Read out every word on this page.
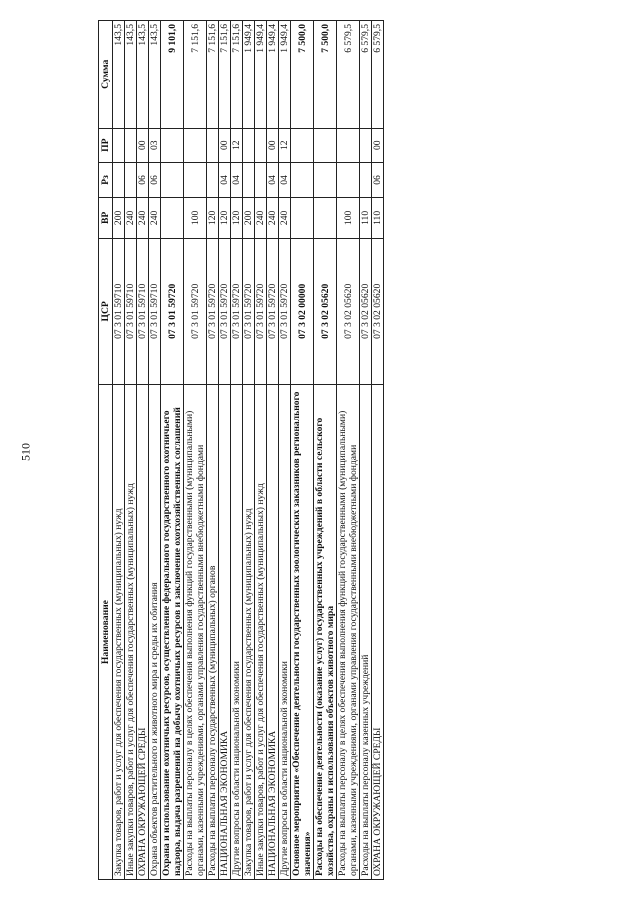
510
Наименование	ЦСР	ВР	Рз	ПР	Сумма
Закупка товаров, работ и услуг для обеспечения государственных (муниципальных) нужд	07 3 01 59710	200			143,5
Иные закупки товаров, работ и услуг для обеспечения государственных (муниципальных) нужд	07 3 01 59710	240			143,5
ОХРАНА ОКРУЖАЮЩЕЙ СРЕДЫ	07 3 01 59710	240	06	00	143,5
Охрана объектов растительного и животного мира и среды их обитания	07 3 01 59710	240	06	03	143,5
Охрана и использование охотничьих ресурсов, осуществление федерального государственного охотничьего надзора, выдача разрешений на добычу охотничьих ресурсов и заключение охотхозяйственных соглашений	07 3 01 59720				9 101,0
Расходы на выплаты персоналу в целях обеспечения выполнения функций государственными (муниципальными) органами, казенными учреждениями, органами управления государственными внебюджетными фондами	07 3 01 59720	100			7 151,6
Расходы на выплаты персоналу государственных (муниципальных) органов	07 3 01 59720	120			7 151,6
НАЦИОНАЛЬНАЯ ЭКОНОМИКА	07 3 01 59720	120	04	00	7 151,6
Другие вопросы в области национальной экономики	07 3 01 59720	120	04	12	7 151,6
Закупка товаров, работ и услуг для обеспечения государственных (муниципальных) нужд	07 3 01 59720	200			1 949,4
Иные закупки товаров, работ и услуг для обеспечения государственных (муниципальных) нужд	07 3 01 59720	240			1 949,4
НАЦИОНАЛЬНАЯ ЭКОНОМИКА	07 3 01 59720	240	04	00	1 949,4
Другие вопросы в области национальной экономики	07 3 01 59720	240	04	12	1 949,4
Основное мероприятие «Обеспечение деятельности государственных зоологических заказников регионального значения»	07 3 02 00000				7 500,0
Расходы на обеспечение деятельности (оказание услуг) государственных учреждений в области сельского хозяйства, охраны и использования объектов животного мира	07 3 02 05620				7 500,0
Расходы на выплаты персоналу в целях обеспечения выполнения функций государственными (муниципальными) органами, казенными учреждениями, органами управления государственными внебюджетными фондами	07 3 02 05620	100			6 579,5
Расходы на выплаты персоналу казенных учреждений	07 3 02 05620	110			6 579,5
ОХРАНА ОКРУЖАЮЩЕЙ СРЕДЫ	07 3 02 05620	110	06	00	6 579,5
